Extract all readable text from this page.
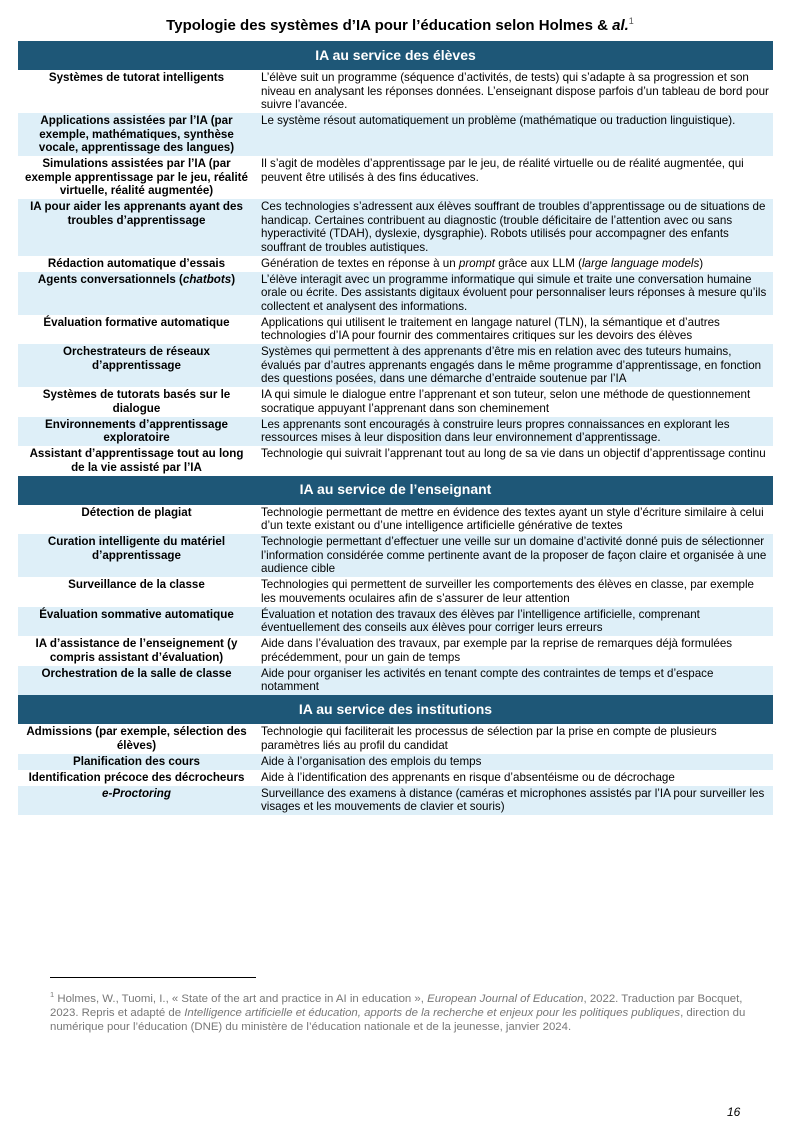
Typologie des systèmes d’IA pour l’éducation selon Holmes & al.$^1$
IA au service des élèves	
Systèmes de tutorat intelligents	L’élève suit un programme (séquence d’activités, de tests) qui s’adapte à sa progression et son niveau en analysant les réponses données. L’enseignant dispose parfois d’un tableau de bord pour suivre l’avancée.
Applications assistées par l’IA (par exemple, mathématiques, synthèse vocale, apprentissage des langues)	Le système résout automatiquement un problème (mathématique ou traduction linguistique).
Simulations assistées par l’IA (par exemple apprentissage par le jeu, réalité virtuelle, réalité augmentée)	Il s’agit de modèles d’apprentissage par le jeu, de réalité virtuelle ou de réalité augmentée, qui peuvent être utilisés à des fins éducatives.
IA pour aider les apprenants ayant des troubles d’apprentissage	Ces technologies s’adressent aux élèves souffrant de troubles d’apprentissage ou de situations de handicap. Certaines contribuent au diagnostic (trouble déficitaire de l’attention avec ou sans hyperactivité (TDAH), dyslexie, dysgraphie). Robots utilisés pour accompagner des enfants souffrant de troubles autistiques.
Rédaction automatique d’essais	Génération de textes en réponse à un prompt grâce aux LLM (large language models)
Agents conversationnels (chatbots)	L’élève interagit avec un programme informatique qui simule et traite une conversation humaine orale ou écrite. Des assistants digitaux évoluent pour personnaliser leurs réponses à mesure qu’ils collectent et analysent des informations.
Évaluation formative automatique	Applications qui utilisent le traitement en langage naturel (TLN), la sémantique et d’autres technologies d’IA pour fournir des commentaires critiques sur les devoirs des élèves
Orchestrateurs de réseaux d’apprentissage	Systèmes qui permettent à des apprenants d’être mis en relation avec des tuteurs humains, évalués par d’autres apprenants engagés dans le même programme d’apprentissage, en fonction des questions posées, dans une démarche d’entraide soutenue par l’IA
Systèmes de tutorats basés sur le dialogue	IA qui simule le dialogue entre l’apprenant et son tuteur, selon une méthode de questionnement socratique appuyant l’apprenant dans son cheminement
Environnements d’apprentissage exploratoire	Les apprenants sont encouragés à construire leurs propres connaissances en explorant les ressources mises à leur disposition dans leur environnement d’apprentissage.
Assistant d’apprentissage tout au long de la vie assisté par l’IA	Technologie qui suivrait l’apprenant tout au long de sa vie dans un objectif d’apprentissage continu
IA au service de l’enseignant	
Détection de plagiat	Technologie permettant de mettre en évidence des textes ayant un style d’écriture similaire à celui d’un texte existant ou d’une intelligence artificielle générative de textes
Curation intelligente du matériel d’apprentissage	Technologie permettant d’effectuer une veille sur un domaine d’activité donné puis de sélectionner l’information considérée comme pertinente avant de la proposer de façon claire et organisée à une audience cible
Surveillance de la classe	Technologies qui permettent de surveiller les comportements des élèves en classe, par exemple les mouvements oculaires afin de s’assurer de leur attention
Évaluation sommative automatique	Évaluation et notation des travaux des élèves par l’intelligence artificielle, comprenant éventuellement des conseils aux élèves pour corriger leurs erreurs
IA d’assistance de l’enseignement (y compris assistant d’évaluation)	Aide dans l’évaluation des travaux, par exemple par la reprise de remarques déjà formulées précédemment, pour un gain de temps
Orchestration de la salle de classe	Aide pour organiser les activités en tenant compte des contraintes de temps et d’espace notamment
IA au service des institutions	
Admissions (par exemple, sélection des élèves)	Technologie qui faciliterait les processus de sélection par la prise en compte de plusieurs paramètres liés au profil du candidat
Planification des cours	Aide à l’organisation des emplois du temps
Identification précoce des décrocheurs	Aide à l’identification des apprenants en risque d’absentéisme ou de décrochage
e-Proctoring	Surveillance des examens à distance (caméras et microphones assistés par l’IA pour surveiller les visages et les mouvements de clavier et souris)
$^1$ Holmes, W., Tuomi, I., « State of the art and practice in AI in education », European Journal of Education, 2022. Traduction par Bocquet, 2023. Repris et adapté de Intelligence artificielle et éducation, apports de la recherche et enjeux pour les politiques publiques, direction du numérique pour l’éducation (DNE) du ministère de l’éducation nationale et de la jeunesse, janvier 2024.
16
